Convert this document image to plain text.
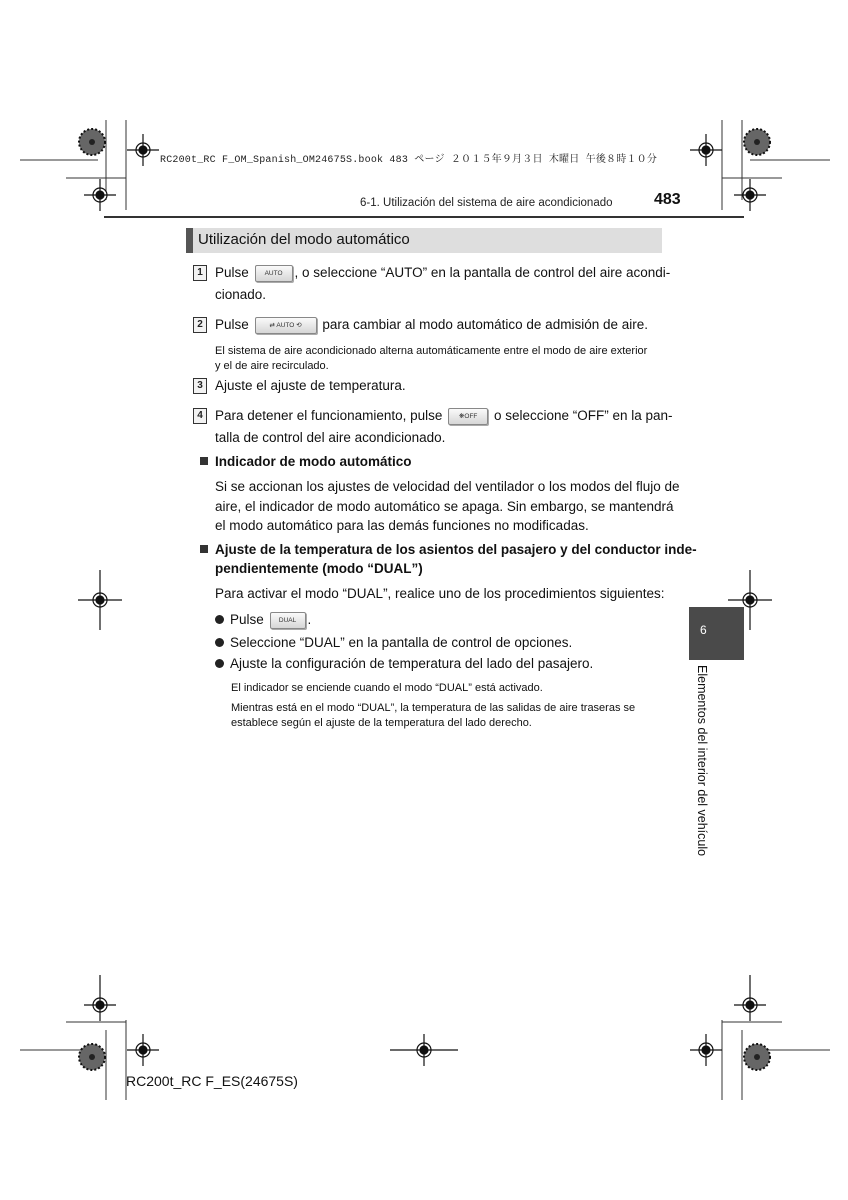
RC200t_RC F_OM_Spanish_OM24675S.book 483 ページ ２０１５年９月３日 木曜日 午後８時１０分
6-1. Utilización del sistema de aire acondicionado	483
Utilización del modo automático
1 Pulse AUTO , o seleccione “AUTO” en la pantalla de control del aire acondi-
cionado.
2 Pulse	⇄ AUTO ⟲ para cambiar al modo automático de admisión de aire.
El sistema de aire acondicionado alterna automáticamente entre el modo de aire exterior
y el de aire recirculado.
3 Ajuste el ajuste de temperatura.
4 Para detener el funcionamiento, pulse	❋OFF o seleccione “OFF” en la pan-
talla de control del aire acondicionado.
Indicador de modo automático
Si se accionan los ajustes de velocidad del ventilador o los modos del flujo de
aire, el indicador de modo automático se apaga. Sin embargo, se mantendrá
el modo automático para las demás funciones no modificadas.
Ajuste de la temperatura de los asientos del pasajero y del conductor inde-
pendientemente (modo “DUAL”)
Para activar el modo “DUAL”, realice uno de los procedimientos siguientes:
Pulse DUAL .
Seleccione “DUAL” en la pantalla de control de opciones.
Ajuste la configuración de temperatura del lado del pasajero.
El indicador se enciende cuando el modo “DUAL” está activado.
Mientras está en el modo “DUAL”, la temperatura de las salidas de aire traseras se
establece según el ajuste de la temperatura del lado derecho.
6
Elementos del interior del vehículo
RC200t_RC F_ES(24675S)
